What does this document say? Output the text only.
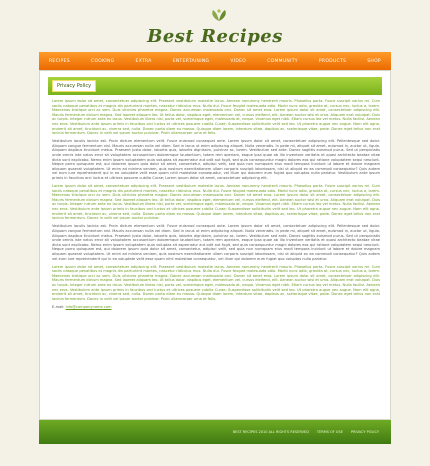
Best Recipes
RECIPES	COOKING	EXTRA	ENTERTAINING	VIDEO	COMMUNITY	PRODUCTS	SHOP
Privacy Policy

Lorem ipsum dolor sit amet, consectetuer adipiscing elit. Praesent vestibulum molestie lacus. Aenean nonummy hendrerit mauris. Phasellus porta. Fusce suscipit varius mi. Cum sociis natoque penatibus et magnis dis parturient montes, nascetur ridiculus mus. Nulla dui. Fusce feugiat malesuada odio. Morbi nunc odio, gravida at, cursus nec, luctus a, lorem. Maecenas tristique orci ac sem. Duis ultricies pharetra magna. Donec accumsan malesuada orci. Donec sit amet eros. Lorem ipsum dolor sit amet, consectetuer adipiscing elit. Mauris fermentum dictum magna. Sed laoreet aliquam leo. Ut tellus dolor, dapibus eget, elementum vel, cursus eleifend, elit. Aenean auctor wisi et urna. Aliquam erat volutpat. Duis ac turpis. Integer rutrum ante eu lacus. Vestibulum libero nisl, porta vel, scelerisque eget, malesuada at, neque. Vivamus eget nibh. Etiam cursus leo vel metus. Nulla facilisi. Aenean nec eros. Vestibulum ante ipsum primis in faucibus orci luctus et ultrices posuere cubilia Curae; Suspendisse sollicitudin velit sed leo. Ut pharetra augue nec augue. Nam elit agna, endrerit sit amet, tincidunt ac, viverra sed, nulla. Donec porta diam eu massa. Quisque diam lorem, interdum vitae, dapibus ac, scelerisque vitae, pede. Donec eget tellus non erat lacinia fermentum. Donec in velit vel ipsum auctor pulvinar. Proin ullamcorper urna et felis.

Vestibulum iaculis lacinia est. Proin dictum elementum velit. Fusce euismod consequat ante. Lorem ipsum dolor sit amet, consectetuer adipiscing elit. Pellentesque sed dolor. Aliquam congue fermentum nisl. Mauris accumsan nulla vel diam. Sed in lacus ut enim adipiscing aliquet. Nulla venenatis. In pede mi, aliquet sit amet, euismod in, auctor ut, ligula. Aliquam dapibus tincidunt metus. Praesent justo dolor, lobortis quis, lobortis dignissim, pulvinar ac, lorem. Vestibulum sed ante. Donec sagittis euismod purus. Sed ut perspiciatis unde omnis iste natus error sit voluptatem accusantium doloremque laudantium, totam rem aperiam, eaque ipsa quae ab illo inventore veritatis et quasi architecto beatae vitae dicta sunt explicabo. Nemo enim ipsam voluptatem quia voluptas sit aspernatur aut odit aut fugit, sed quia consequuntur magni dolores eos qui ratione voluptatem sequi nesciunt. Neque porro quisquam est, qui dolorem ipsum quia dolor sit amet, consectetur, adipisci velit, sed quia non numquam eius modi tempora incidunt ut labore et dolore magnam aliquam quaerat voluptatem. Ut enim ad minima veniam, quis nostrum exercitationem ullam corporis suscipit laboriosam, nisi ut aliquid ex ea commodi consequatur? Quis autem vel eum iure reprehenderit qui in ea voluptate velit esse quam nihil molestiae consequatur, vel illum qui dolorem eum fugiat quo voluptas nulla pariatur. Vestibulum ante ipsum primis in faucibus orci luctus et ultrices posuere cubilia Curae; Lorem ipsum dolor sit amet, consectetuer adipiscing elit.

Lorem ipsum dolor sit amet, consectetuer adipiscing elit. Praesent vestibulum molestie lacus. Aenean nonummy hendrerit mauris. Phasellus porta. Fusce suscipit varius mi. Cum sociis natoque penatibus et magnis dis parturient montes, nascetur ridiculus mus. Nulla dui. Fusce feugiat malesuada odio. Morbi nunc odio, gravida at, cursus nec, luctus a, lorem. Maecenas tristique orci ac sem. Duis ultricies pharetra magna. Donec accumsan malesuada orci. Donec sit amet eros. Lorem ipsum dolor sit amet, consectetuer adipiscing elit. Mauris fermentum dictum magna. Sed laoreet aliquam leo. Ut tellus dolor, dapibus eget, elementum vel, cursus eleifend, elit. Aenean auctor wisi et urna. Aliquam erat volutpat. Duis ac turpis. Integer rutrum ante eu lacus. Vestibulum libero nisl, porta vel, scelerisque eget, malesuada at, neque. Vivamus eget nibh. Etiam cursus leo vel metus. Nulla facilisi. Aenean nec eros. Vestibulum ante ipsum primis in faucibus orci luctus et ultrices posuere cubilia Curae; Suspendisse sollicitudin velit sed leo. Ut pharetra augue nec augue. Nam elit agna, endrerit sit amet, tincidunt ac, viverra sed, nulla. Donec porta diam eu massa. Quisque diam lorem, interdum vitae, dapibus ac, scelerisque vitae, pede. Donec eget tellus non erat lacinia fermentum. Donec in velit vel ipsum auctor pulvinar.

Vestibulum iaculis lacinia est. Proin dictum elementum velit. Fusce euismod consequat ante. Lorem ipsum dolor sit amet, consectetuer adipiscing elit. Pellentesque sed dolor. Aliquam congue fermentum nisl. Mauris accumsan nulla vel diam. Sed in lacus ut enim adipiscing aliquet. Nulla venenatis. In pede mi, aliquet sit amet, euismod in, auctor ut, ligula. Aliquam dapibus tincidunt metus. Praesent justo dolor, lobortis quis, lobortis dignissim, pulvinar ac, lorem. Vestibulum sed ante. Donec sagittis euismod purus. Sed ut perspiciatis unde omnis iste natus error sit voluptatem accusantium doloremque laudantium, totam rem aperiam, eaque ipsa quae ab illo inventore veritatis et quasi architecto beatae vitae dicta sunt explicabo. Nemo enim ipsam voluptatem quia voluptas sit aspernatur aut odit aut fugit, sed quia consequuntur magni dolores eos qui ratione voluptatem sequi nesciunt. Neque porro quisquam est, qui dolorem ipsum quia dolor sit amet, consectetur, adipisci velit, sed quia non numquam eius modi tempora incidunt ut labore et dolore magnam aliquam quaerat voluptatem. Ut enim ad minima veniam, quis nostrum exercitationem ullam corporis suscipit laboriosam, nisi ut aliquid ex ea commodi consequatur? Quis autem vel eum iure reprehenderit qui in ea voluptate velit esse quam nihil molestiae consequatur, vel illum qui dolorem eum fugiat quo voluptas nulla pariatur.

Lorem ipsum dolor sit amet, consectetuer adipiscing elit. Praesent vestibulum molestie lacus. Aenean nonummy hendrerit mauris. Phasellus porta. Fusce suscipit varius mi. Cum sociis natoque penatibus et magnis dis parturient montes, nascetur ridiculus mus. Nulla dui. Fusce feugiat malesuada odio. Morbi nunc odio, gravida at, cursus nec, luctus a, lorem. Maecenas tristique orci ac sem. Duis ultricies pharetra magna. Donec accumsan malesuada orci. Donec sit amet eros. Lorem ipsum dolor sit amet, consectetuer adipiscing elit. Mauris fermentum dictum magna. Sed laoreet aliquam leo. Ut tellus dolor, dapibus eget, elementum vel, cursus eleifend, elit. Aenean auctor wisi et urna. Aliquam erat volutpat. Duis ac turpis. Integer rutrum ante eu lacus. Vestibulum libero nisl, porta vel, scelerisque eget, malesuada at, neque. Vivamus eget nibh. Etiam cursus leo vel metus. Nulla facilisi. Aenean nec eros. Vestibulum ante ipsum primis in faucibus orci luctus et ultrices posuere cubilia Curae; Suspendisse sollicitudin velit sed leo. Ut pharetra augue nec augue. Nam elit agna, endrerit sit amet, tincidunt ac, viverra sed, nulla. Donec porta diam eu massa. Quisque diam lorem, interdum vitae, dapibus ac, scelerisque vitae, pede. Donec eget tellus non erat lacinia fermentum. Donec in velit vel ipsum auctor pulvinar. Proin ullamcorper urna et felis.

E-mail: info@companyname.com
BEST RECIPES 2010 ALL RIGHTS RESERVED TERMS OF USE PRIVACY POLICY
